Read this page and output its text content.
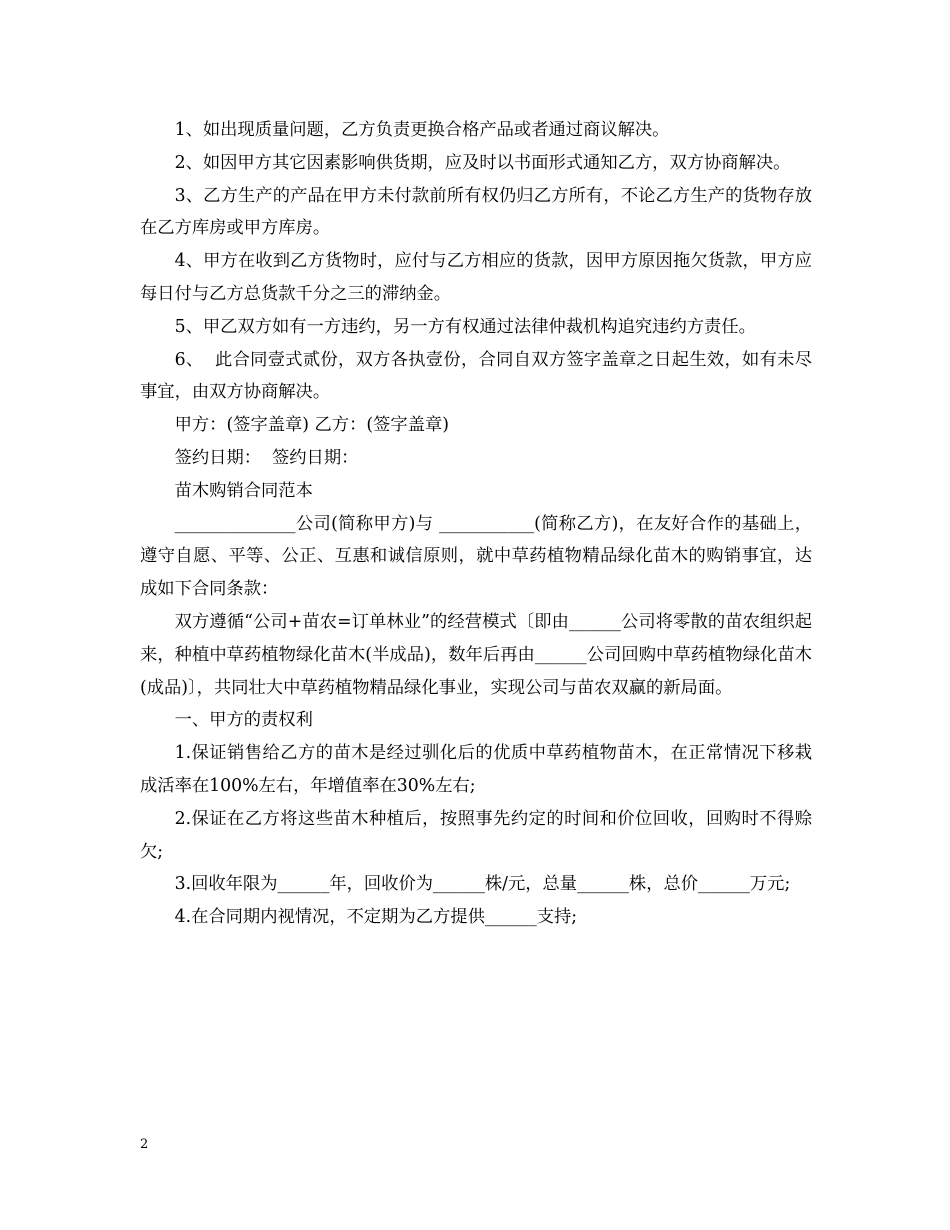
1、如出现质量问题，乙方负责更换合格产品或者通过商议解决。

2、如因甲方其它因素影响供货期，应及时以书面形式通知乙方，双方协商解决。

3、乙方生产的产品在甲方未付款前所有权仍归乙方所有，不论乙方生产的货物存放在乙方库房或甲方库房。

4、甲方在收到乙方货物时，应付与乙方相应的货款，因甲方原因拖欠货款，甲方应每日付与乙方总货款千分之三的滞纳金。

5、甲乙双方如有一方违约，另一方有权通过法律仲裁机构追究违约方责任。

6、  此合同壹式贰份，双方各执壹份，合同自双方签字盖章之日起生效，如有未尽事宜，由双方协商解决。

甲方：(签字盖章) 乙方：(签字盖章)

签约日期：  签约日期：

苗木购销合同范本

______________公司(简称甲方)与 ___________(简称乙方)，在友好合作的基础上，遵守自愿、平等、公正、互惠和诚信原则，就中草药植物精品绿化苗木的购销事宜，达成如下合同条款：

双方遵循“公司+苗农=订单林业”的经营模式〔即由______公司将零散的苗农组织起来，种植中草药植物绿化苗木(半成品)，数年后再由______公司回购中草药植物绿化苗木(成品)〕，共同壮大中草药植物精品绿化事业，实现公司与苗农双赢的新局面。

一、甲方的责权利

1.保证销售给乙方的苗木是经过驯化后的优质中草药植物苗木，在正常情况下移栽成活率在100%左右，年增值率在30%左右;

2.保证在乙方将这些苗木种植后，按照事先约定的时间和价位回收，回购时不得赊欠;

3.回收年限为______年，回收价为______株/元，总量______株，总价______万元;

4.在合同期内视情况，不定期为乙方提供______支持;

2
